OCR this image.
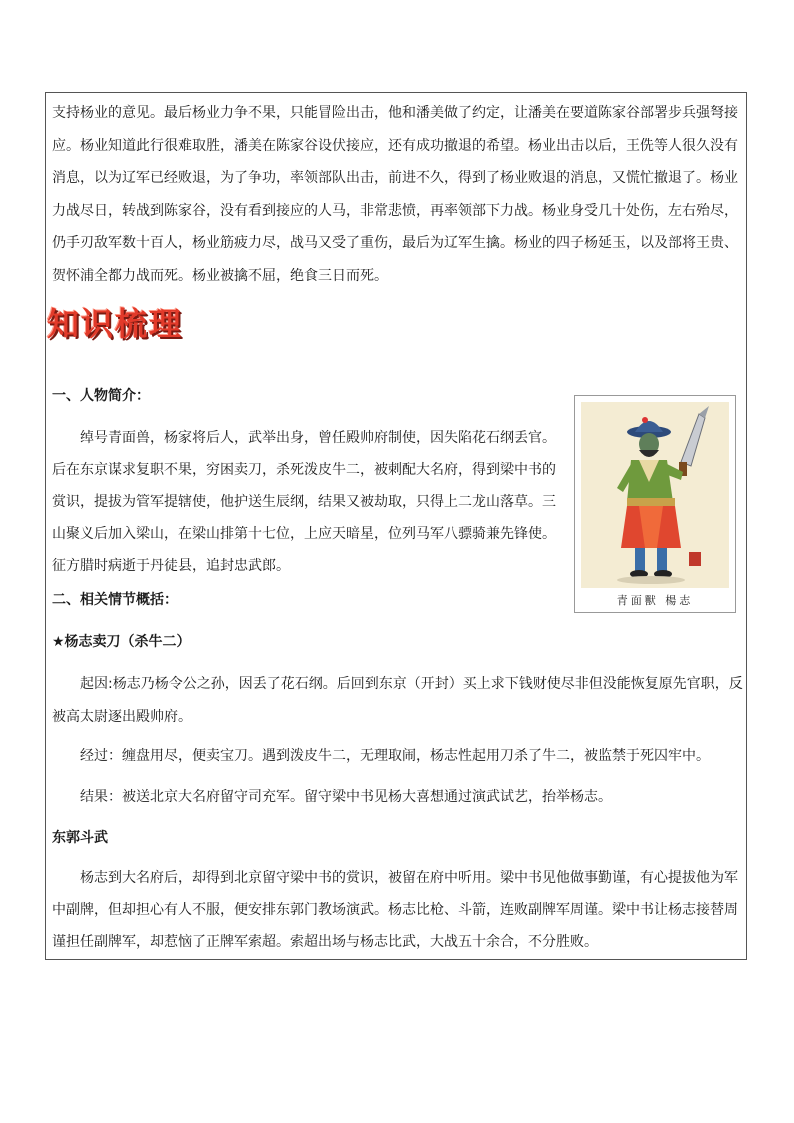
支持杨业的意见。最后杨业力争不果，只能冒险出击，他和潘美做了约定，让潘美在要道陈家谷部署步兵强弩接
应。杨业知道此行很难取胜，潘美在陈家谷设伏接应，还有成功撤退的希望。杨业出击以后，王侁等人很久没有
消息，以为辽军已经败退，为了争功，率领部队出击，前进不久，得到了杨业败退的消息，又慌忙撤退了。杨业
力战尽日，转战到陈家谷，没有看到接应的人马，非常悲愤，再率领部下力战。杨业身受几十处伤，左右殆尽，
仍手刃敌军数十百人，杨业筋疲力尽，战马又受了重伤，最后为辽军生擒。杨业的四子杨延玉，以及部将王贵、
贺怀浦全都力战而死。杨业被擒不屈，绝食三日而死。
知识梳理
一、人物简介：
绰号青面兽，杨家将后人，武举出身，曾任殿帅府制使，因失陷花石纲丢官。
后在东京谋求复职不果，穷困卖刀，杀死泼皮牛二，被刺配大名府，得到梁中书的
赏识，提拔为管军提辖使，他护送生辰纲，结果又被劫取，只得上二龙山落草。三
山聚义后加入梁山，在梁山排第十七位，上应天暗星，位列马军八骠骑兼先锋使。
征方腊时病逝于丹徒县，追封忠武郎。
青面獸 楊志
二、相关情节概括：
★杨志卖刀（杀牛二）
起因:杨志乃杨令公之孙，因丢了花石纲。后回到东京（开封）买上求下钱财使尽非但没能恢复原先官职，反
被高太尉逐出殿帅府。
经过：缠盘用尽，便卖宝刀。遇到泼皮牛二，无理取闹，杨志性起用刀杀了牛二，被监禁于死囚牢中。
结果：被送北京大名府留守司充军。留守梁中书见杨大喜想通过演武试艺，抬举杨志。
东郭斗武
杨志到大名府后，却得到北京留守梁中书的赏识，被留在府中听用。梁中书见他做事勤谨，有心提拔他为军
中副牌，但却担心有人不服，便安排东郭门教场演武。杨志比枪、斗箭，连败副牌军周谨。梁中书让杨志接替周
谨担任副牌军，却惹恼了正牌军索超。索超出场与杨志比武，大战五十余合，不分胜败。
